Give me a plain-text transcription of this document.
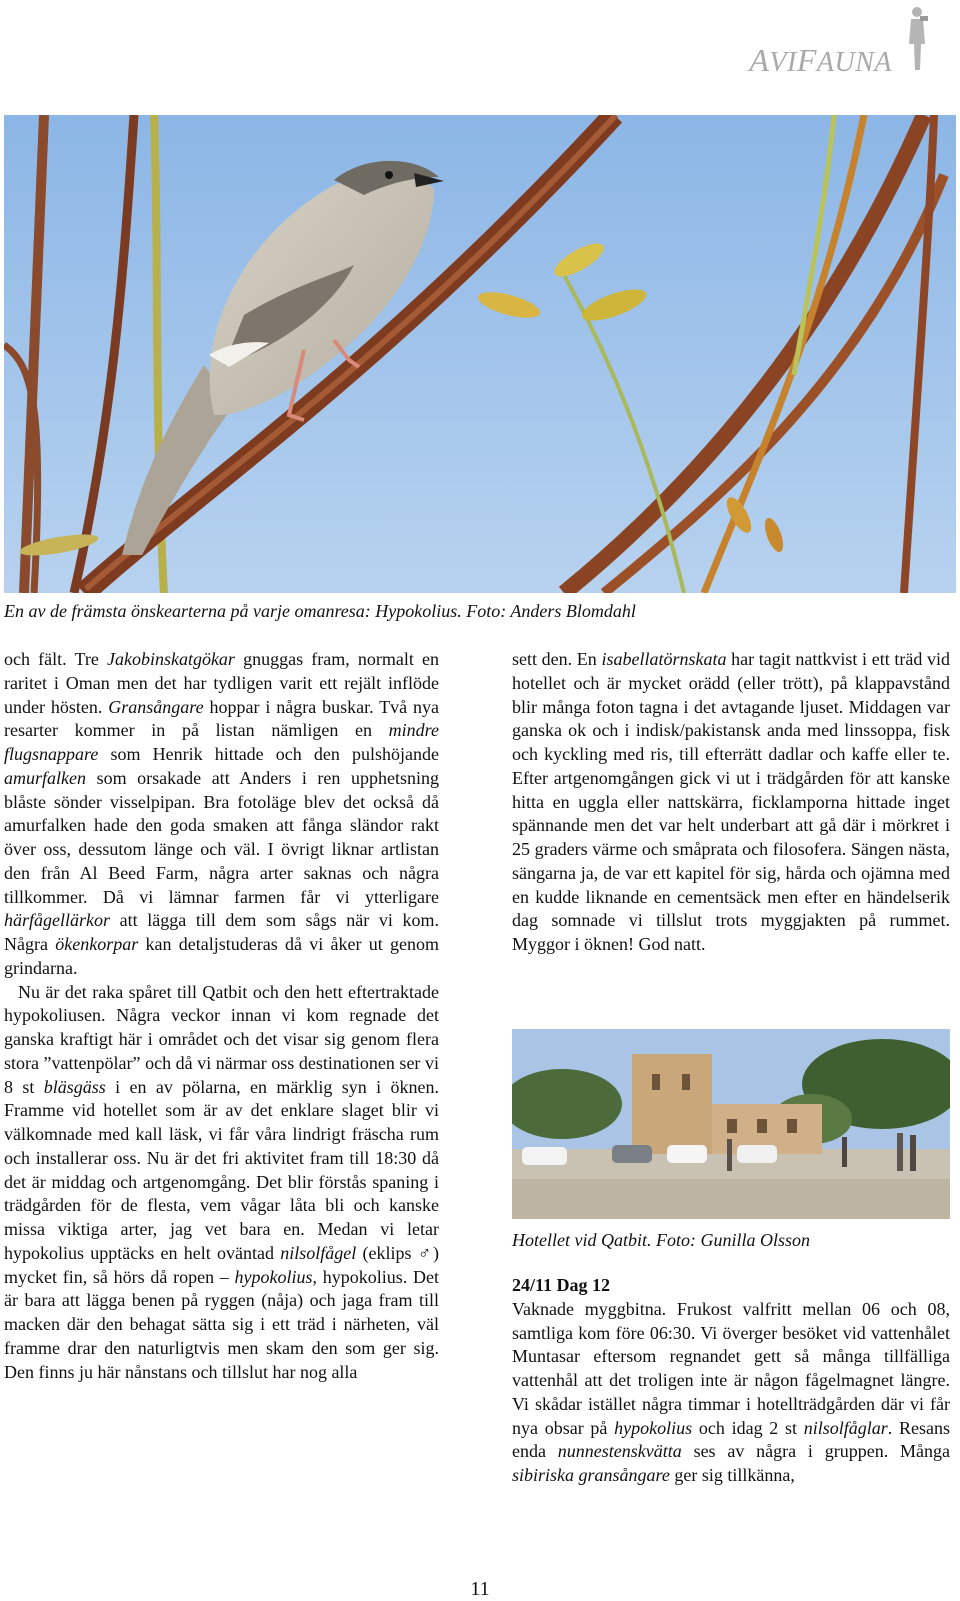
AVIFAUNA
En av de främsta önskearterna på varje omanresa: Hypokolius. Foto: Anders Blomdahl

och fält. Tre Jakobinskatgökar gnuggas fram, normalt en raritet i Oman men det har tydligen varit ett rejält inflöde under hösten. Gransångare hoppar i några buskar. Två nya resarter kommer in på listan nämligen en mindre flugsnappare som Henrik hittade och den pulshöjande amurfalken som orsakade att Anders i ren upphetsning blåste sönder visselpipan. Bra fotoläge blev det också då amurfalken hade den goda smaken att fånga sländor rakt över oss, dessutom länge och väl. I övrigt liknar artlistan den från Al Beed Farm, några arter saknas och några tillkommer. Då vi lämnar farmen får vi ytterligare härfågellärkor att lägga till dem som sågs när vi kom. Några ökenkorpar kan detaljstuderas då vi åker ut genom grindarna.

Nu är det raka spåret till Qatbit och den hett eftertraktade hypokoliusen. Några veckor innan vi kom regnade det ganska kraftigt här i området och det visar sig genom flera stora ”vattenpölar” och då vi närmar oss destinationen ser vi 8 st bläsgäss i en av pölarna, en märklig syn i öknen. Framme vid hotellet som är av det enklare slaget blir vi välkomnade med kall läsk, vi får våra lindrigt fräscha rum och installerar oss. Nu är det fri aktivitet fram till 18:30 då det är middag och artgenomgång. Det blir förstås spaning i trädgården för de flesta, vem vågar låta bli och kanske missa viktiga arter, jag vet bara en. Medan vi letar hypokolius upptäcks en helt oväntad nilsolfågel (eklips ♂) mycket fin, så hörs då ropen – hypokolius, hypokolius. Det är bara att lägga benen på ryggen (nåja) och jaga fram till macken där den behagat sätta sig i ett träd i närheten, väl framme drar den naturligtvis men skam den som ger sig. Den finns ju här nånstans och tillslut har nog alla

sett den. En isabellatörnskata har tagit nattkvist i ett träd vid hotellet och är mycket orädd (eller trött), på klappavstånd blir många foton tagna i det avtagande ljuset. Middagen var ganska ok och i indisk/pakistansk anda med linssoppa, fisk och kyckling med ris, till efterrätt dadlar och kaffe eller te. Efter artgenomgången gick vi ut i trädgården för att kanske hitta en uggla eller nattskärra, ficklamporna hittade inget spännande men det var helt underbart att gå där i mörkret i 25 graders värme och småprata och filosofera. Sängen nästa, sängarna ja, de var ett kapitel för sig, hårda och ojämna med en kudde liknande en cementsäck men efter en händelserik dag somnade vi tillslut trots myggjakten på rummet. Myggor i öknen! God natt.

Hotellet vid Qatbit. Foto: Gunilla Olsson

24/11 Dag 12

Vaknade myggbitna. Frukost valfritt mellan 06 och 08, samtliga kom före 06:30. Vi överger besöket vid vattenhålet Muntasar eftersom regnandet gett så många tillfälliga vattenhål att det troligen inte är någon fågelmagnet längre. Vi skådar istället några timmar i hotellträdgården där vi får nya obsar på hypokolius och idag 2 st nilsolfåglar. Resans enda nunnestenskvätta ses av några i gruppen. Många sibiriska gransångare ger sig tillkänna,

11
